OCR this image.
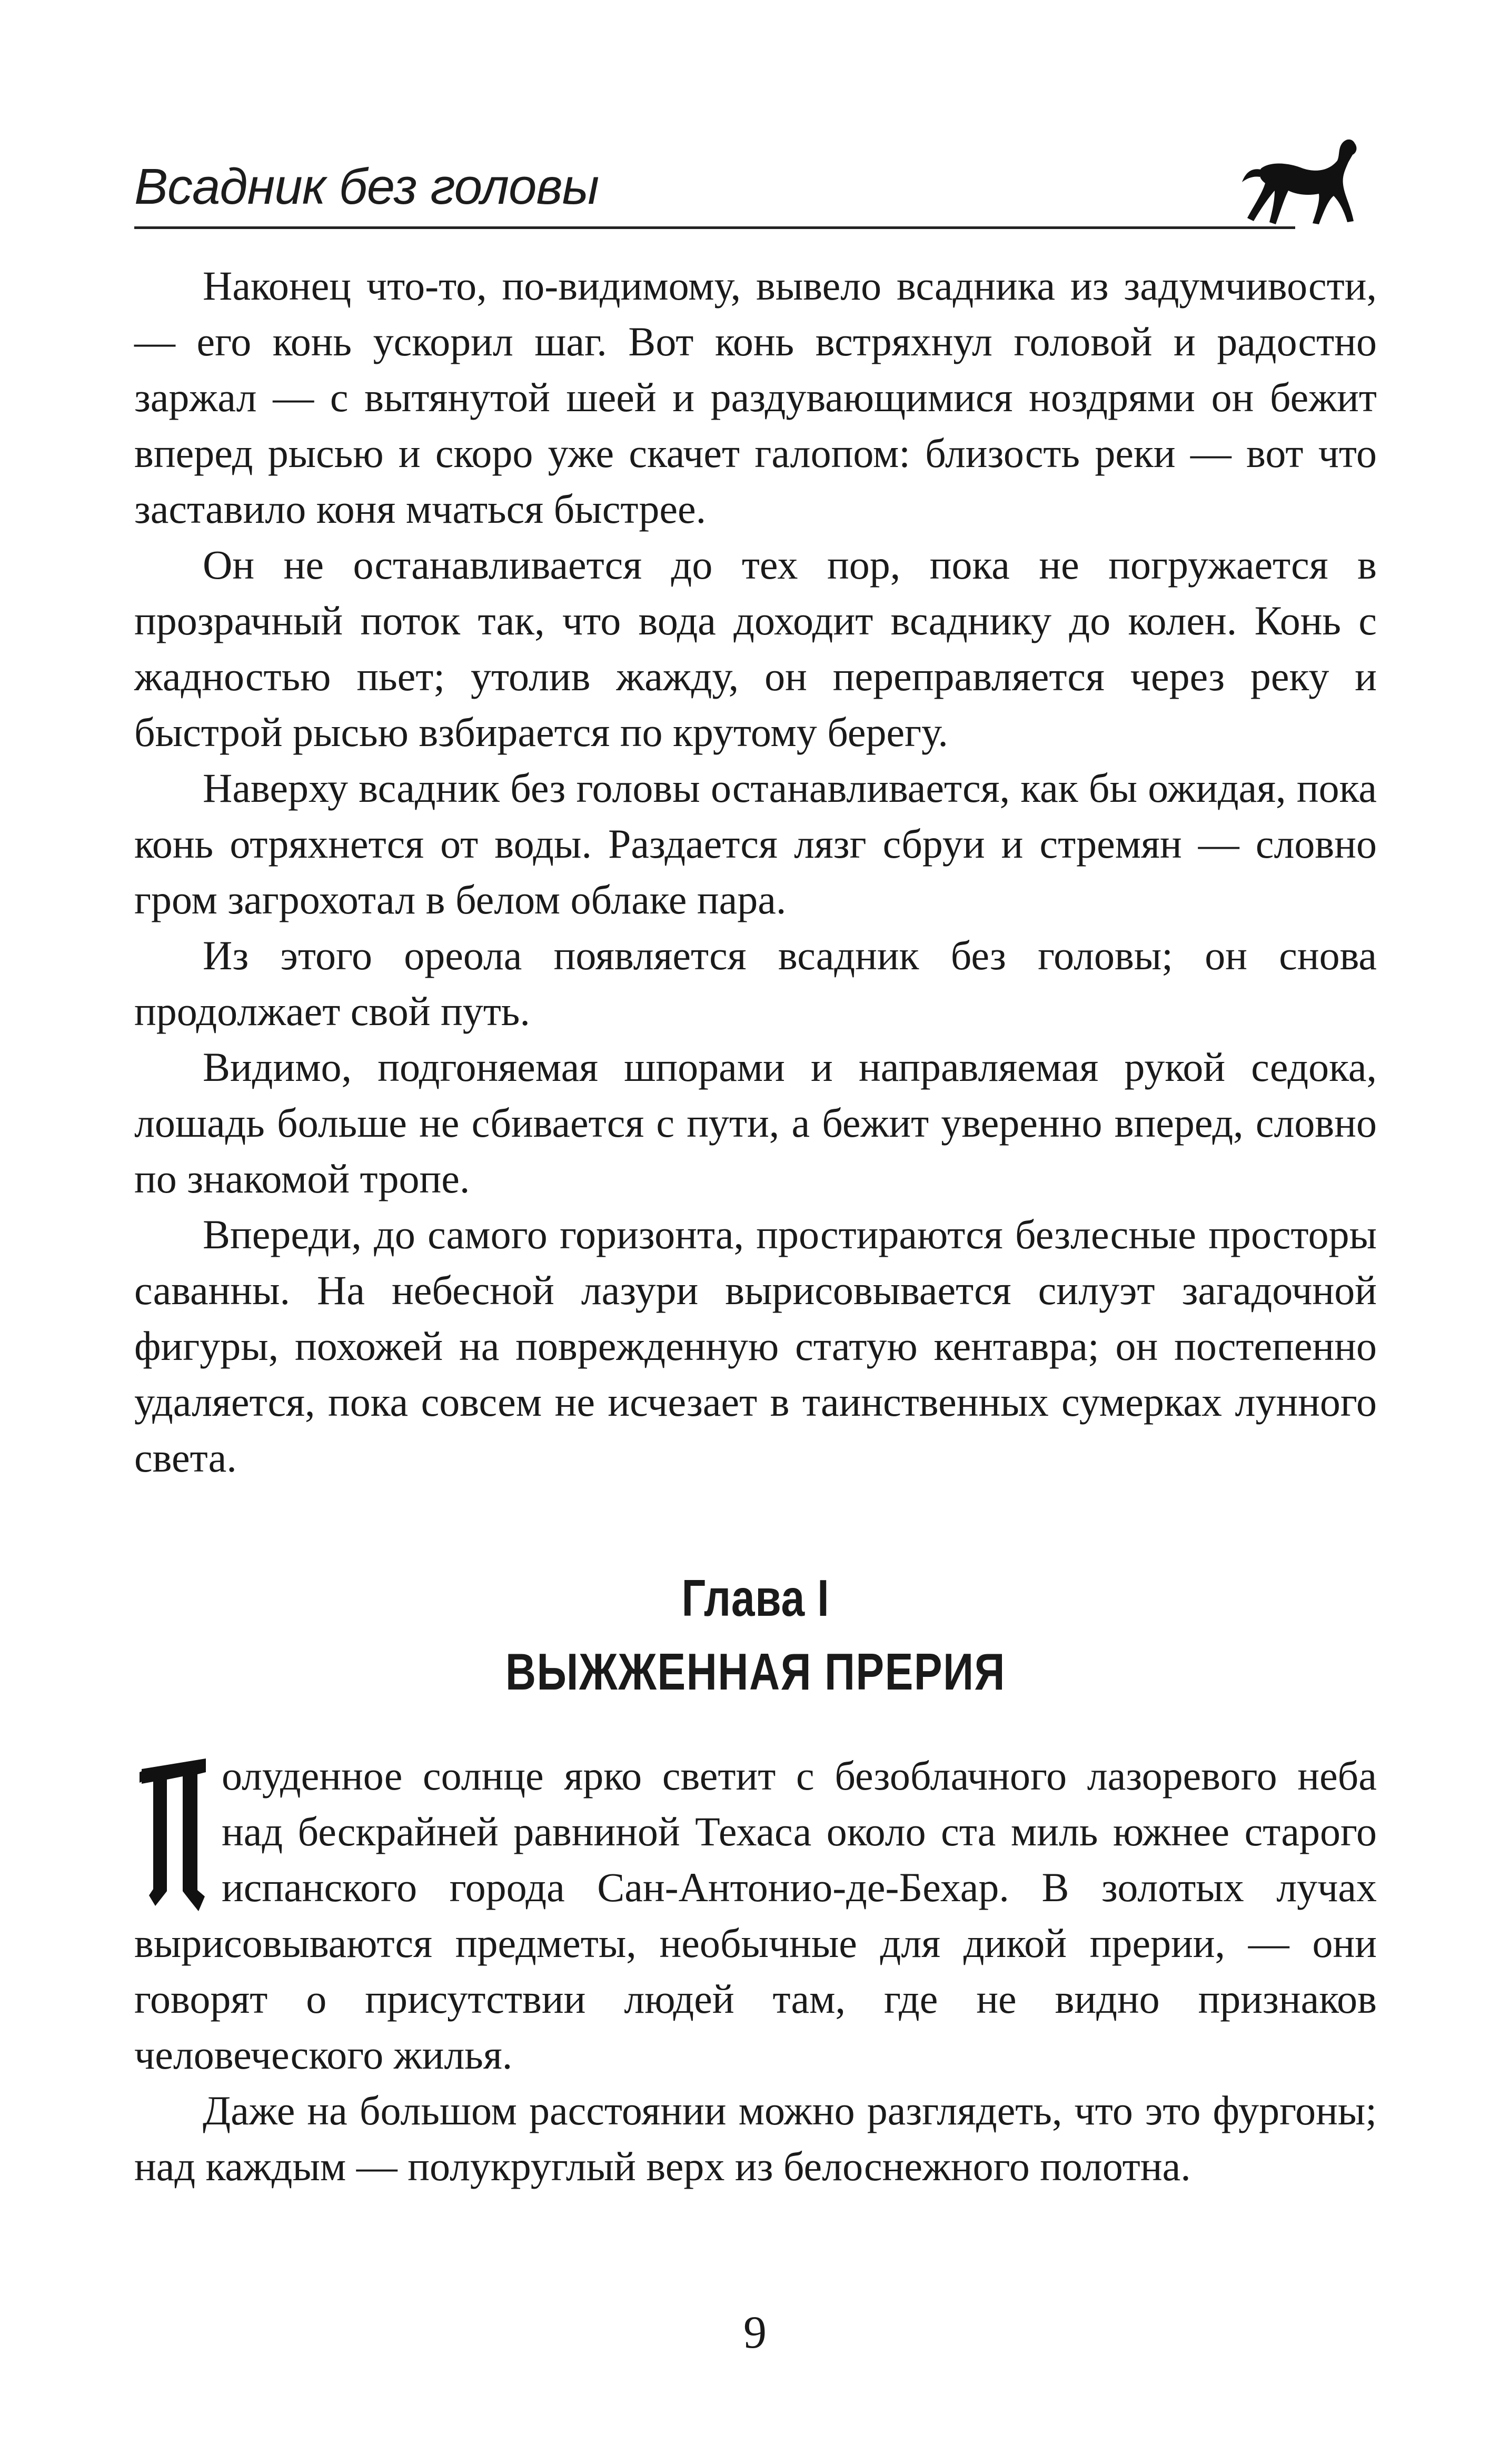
Всадник без головы

Наконец что-то, по-видимому, вывело всадника из задумчивости, — его конь ускорил шаг. Вот конь встряхнул головой и радостно заржал — с вытянутой шеей и раздувающимися ноздрями он бежит вперед рысью и скоро уже скачет галопом: близость реки — вот что заставило коня мчаться быстрее.

Он не останавливается до тех пор, пока не погружается в прозрачный поток так, что вода доходит всаднику до колен. Конь с жадностью пьет; утолив жажду, он переправляется через реку и быстрой рысью взбирается по крутому берегу.

Наверху всадник без головы останавливается, как бы ожидая, пока конь отряхнется от воды. Раздается лязг сбруи и стремян — словно гром загрохотал в белом облаке пара.

Из этого ореола появляется всадник без головы; он снова продолжает свой путь.

Видимо, подгоняемая шпорами и направляемая рукой седока, лошадь больше не сбивается с пути, а бежит уверенно вперед, словно по знакомой тропе.

Впереди, до самого горизонта, простираются безлесные просторы саванны. На небесной лазури вырисовывается силуэт загадочной фигуры, похожей на поврежденную статую кентавра; он постепенно удаляется, пока совсем не исчезает в таинственных сумерках лунного света.

Глава I
ВЫЖЖЕННАЯ ПРЕРИЯ

олуденное солнце ярко светит с безоблачного лазоревого неба над бескрайней равниной Техаса около ста миль южнее старого испанского города Сан-Антонио-де-Бехар. В золотых лучах вырисовываются предметы, необычные для дикой прерии, — они говорят о присутствии людей там, где не видно признаков человеческого жилья.

Даже на большом расстоянии можно разглядеть, что это фургоны; над каждым — полукруглый верх из белоснежного полотна.

9
